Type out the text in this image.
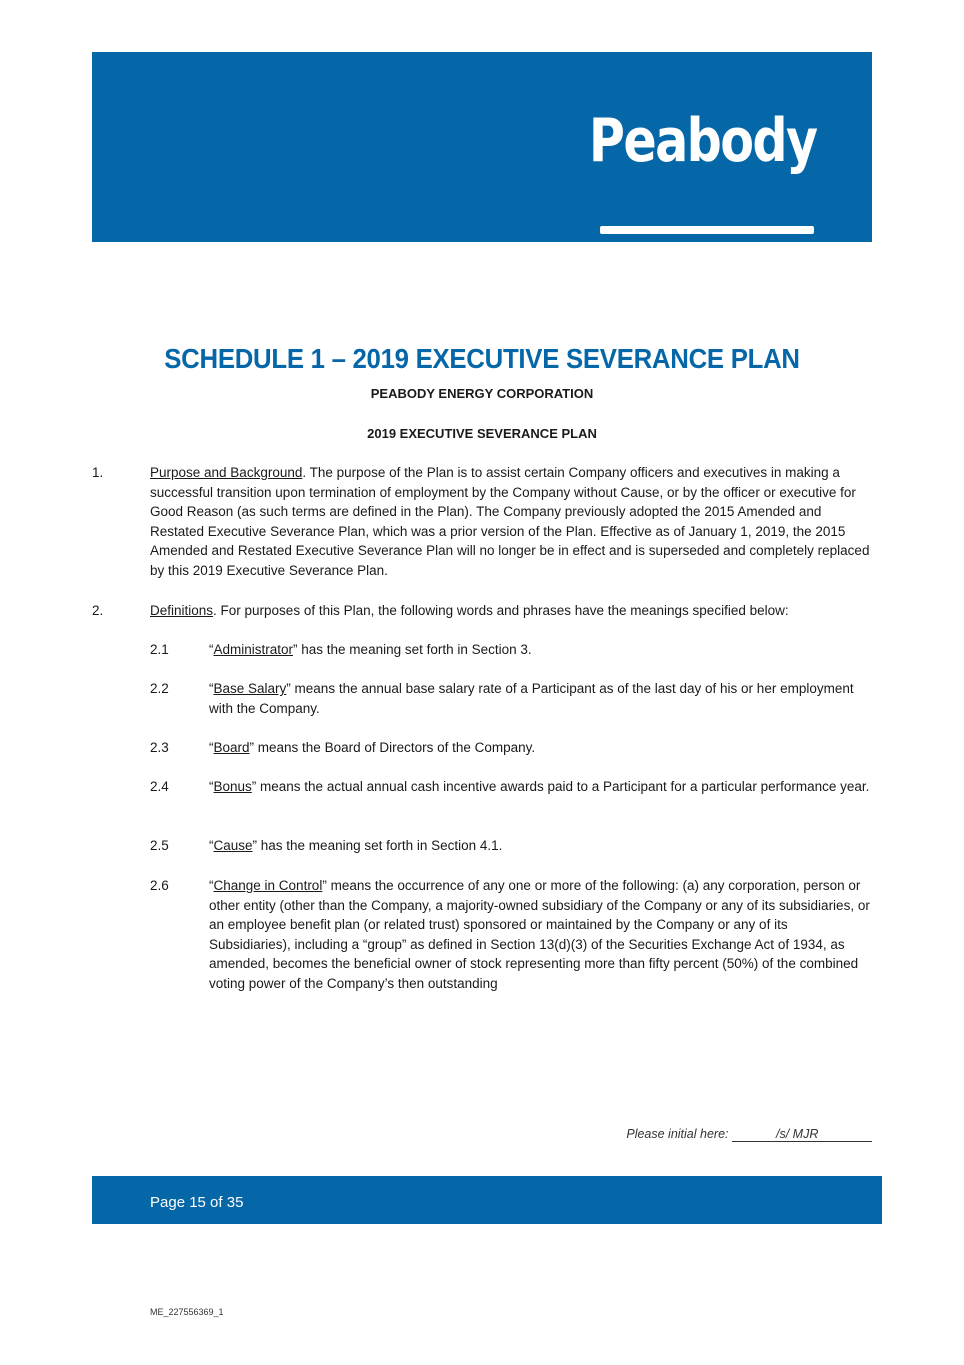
Peabody
SCHEDULE 1 – 2019 EXECUTIVE SEVERANCE PLAN
PEABODY ENERGY CORPORATION
2019 EXECUTIVE SEVERANCE PLAN
1.	Purpose and Background. The purpose of the Plan is to assist certain Company officers and executives in making a successful transition upon termination of employment by the Company without Cause, or by the officer or executive for Good Reason (as such terms are defined in the Plan). The Company previously adopted the 2015 Amended and Restated Executive Severance Plan, which was a prior version of the Plan. Effective as of January 1, 2019, the 2015 Amended and Restated Executive Severance Plan will no longer be in effect and is superseded and completely replaced by this 2019 Executive Severance Plan.
2.	Definitions. For purposes of this Plan, the following words and phrases have the meanings specified below:
2.1	“Administrator” has the meaning set forth in Section 3.
2.2	“Base Salary” means the annual base salary rate of a Participant as of the last day of his or her employment with the Company.
2.3	“Board” means the Board of Directors of the Company.
2.4	“Bonus” means the actual annual cash incentive awards paid to a Participant for a particular performance year.
2.5	“Cause” has the meaning set forth in Section 4.1.
2.6	“Change in Control” means the occurrence of any one or more of the following: (a) any corporation, person or other entity (other than the Company, a majority-owned subsidiary of the Company or any of its subsidiaries, or an employee benefit plan (or related trust) sponsored or maintained by the Company or any of its Subsidiaries), including a “group” as defined in Section 13(d)(3) of the Securities Exchange Act of 1934, as amended, becomes the beneficial owner of stock representing more than fifty percent (50%) of the combined voting power of the Company’s then outstanding
Please initial here:	/s/ MJR
Page 15 of 35
ME_227556369_1
